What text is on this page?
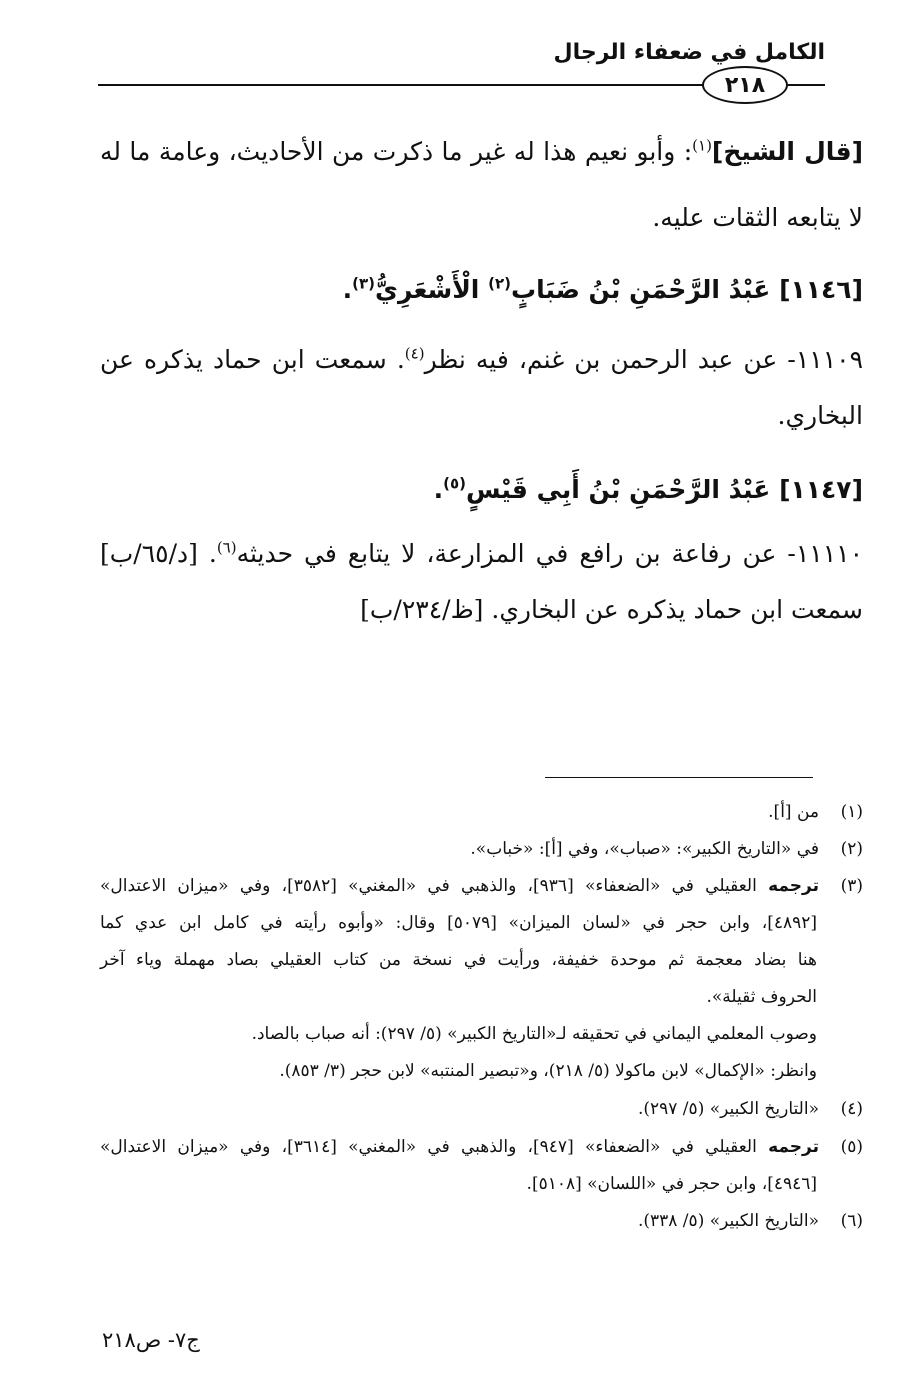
الكامل في ضعفاء الرجال
٢١٨
[قال الشيخ]$^{(١)}$: وأبو نعيم هذا له غير ما ذكرت من الأحاديث، وعامة ما له
لا يتابعه الثقات عليه.
[١١٤٦] عَبْدُ الرَّحْمَنِ بْنُ ضَبَابٍ$^{(٢)}$ الْأَشْعَرِيُّ$^{(٣)}$.
١١١٠٩- عن عبد الرحمن بن غنم، فيه نظر$^{(٤)}$. سمعت ابن حماد يذكره عن
البخاري.
[١١٤٧] عَبْدُ الرَّحْمَنِ بْنُ أَبِي قَيْسٍ$^{(٥)}$.
١١١١٠- عن رفاعة بن رافع في المزارعة، لا يتابع في حديثه$^{(٦)}$. [د/٦٥/ب]
سمعت ابن حماد يذكره عن البخاري. [ظ/٢٣٤/ب]
(١)من [أ].
(٢)في «التاريخ الكبير»: «صباب»، وفي [أ]: «خباب».
(٣)ترجمه العقيلي في «الضعفاء» [٩٣٦]، والذهبي في «المغني» [٣٥٨٢]، وفي «ميزان الاعتدال»
[٤٨٩٢]، وابن حجر في «لسان الميزان» [٥٠٧٩] وقال: «وأبوه رأيته في كامل ابن عدي كما
هنا بضاد معجمة ثم موحدة خفيفة، ورأيت في نسخة من كتاب العقيلي بصاد مهملة وياء آخر
الحروف ثقيلة».
وصوب المعلمي اليماني في تحقيقه لـ«التاريخ الكبير» (٥/ ٢٩٧): أنه صباب بالصاد.
وانظر: «الإكمال» لابن ماكولا (٥/ ٢١٨)، و«تبصير المنتبه» لابن حجر (٣/ ٨٥٣).
(٤)«التاريخ الكبير» (٥/ ٢٩٧).
(٥)ترجمه العقيلي في «الضعفاء» [٩٤٧]، والذهبي في «المغني» [٣٦١٤]، وفي «ميزان الاعتدال»
[٤٩٤٦]، وابن حجر في «اللسان» [٥١٠٨].
(٦)«التاريخ الكبير» (٥/ ٣٣٨).
ج٧- ص٢١٨
